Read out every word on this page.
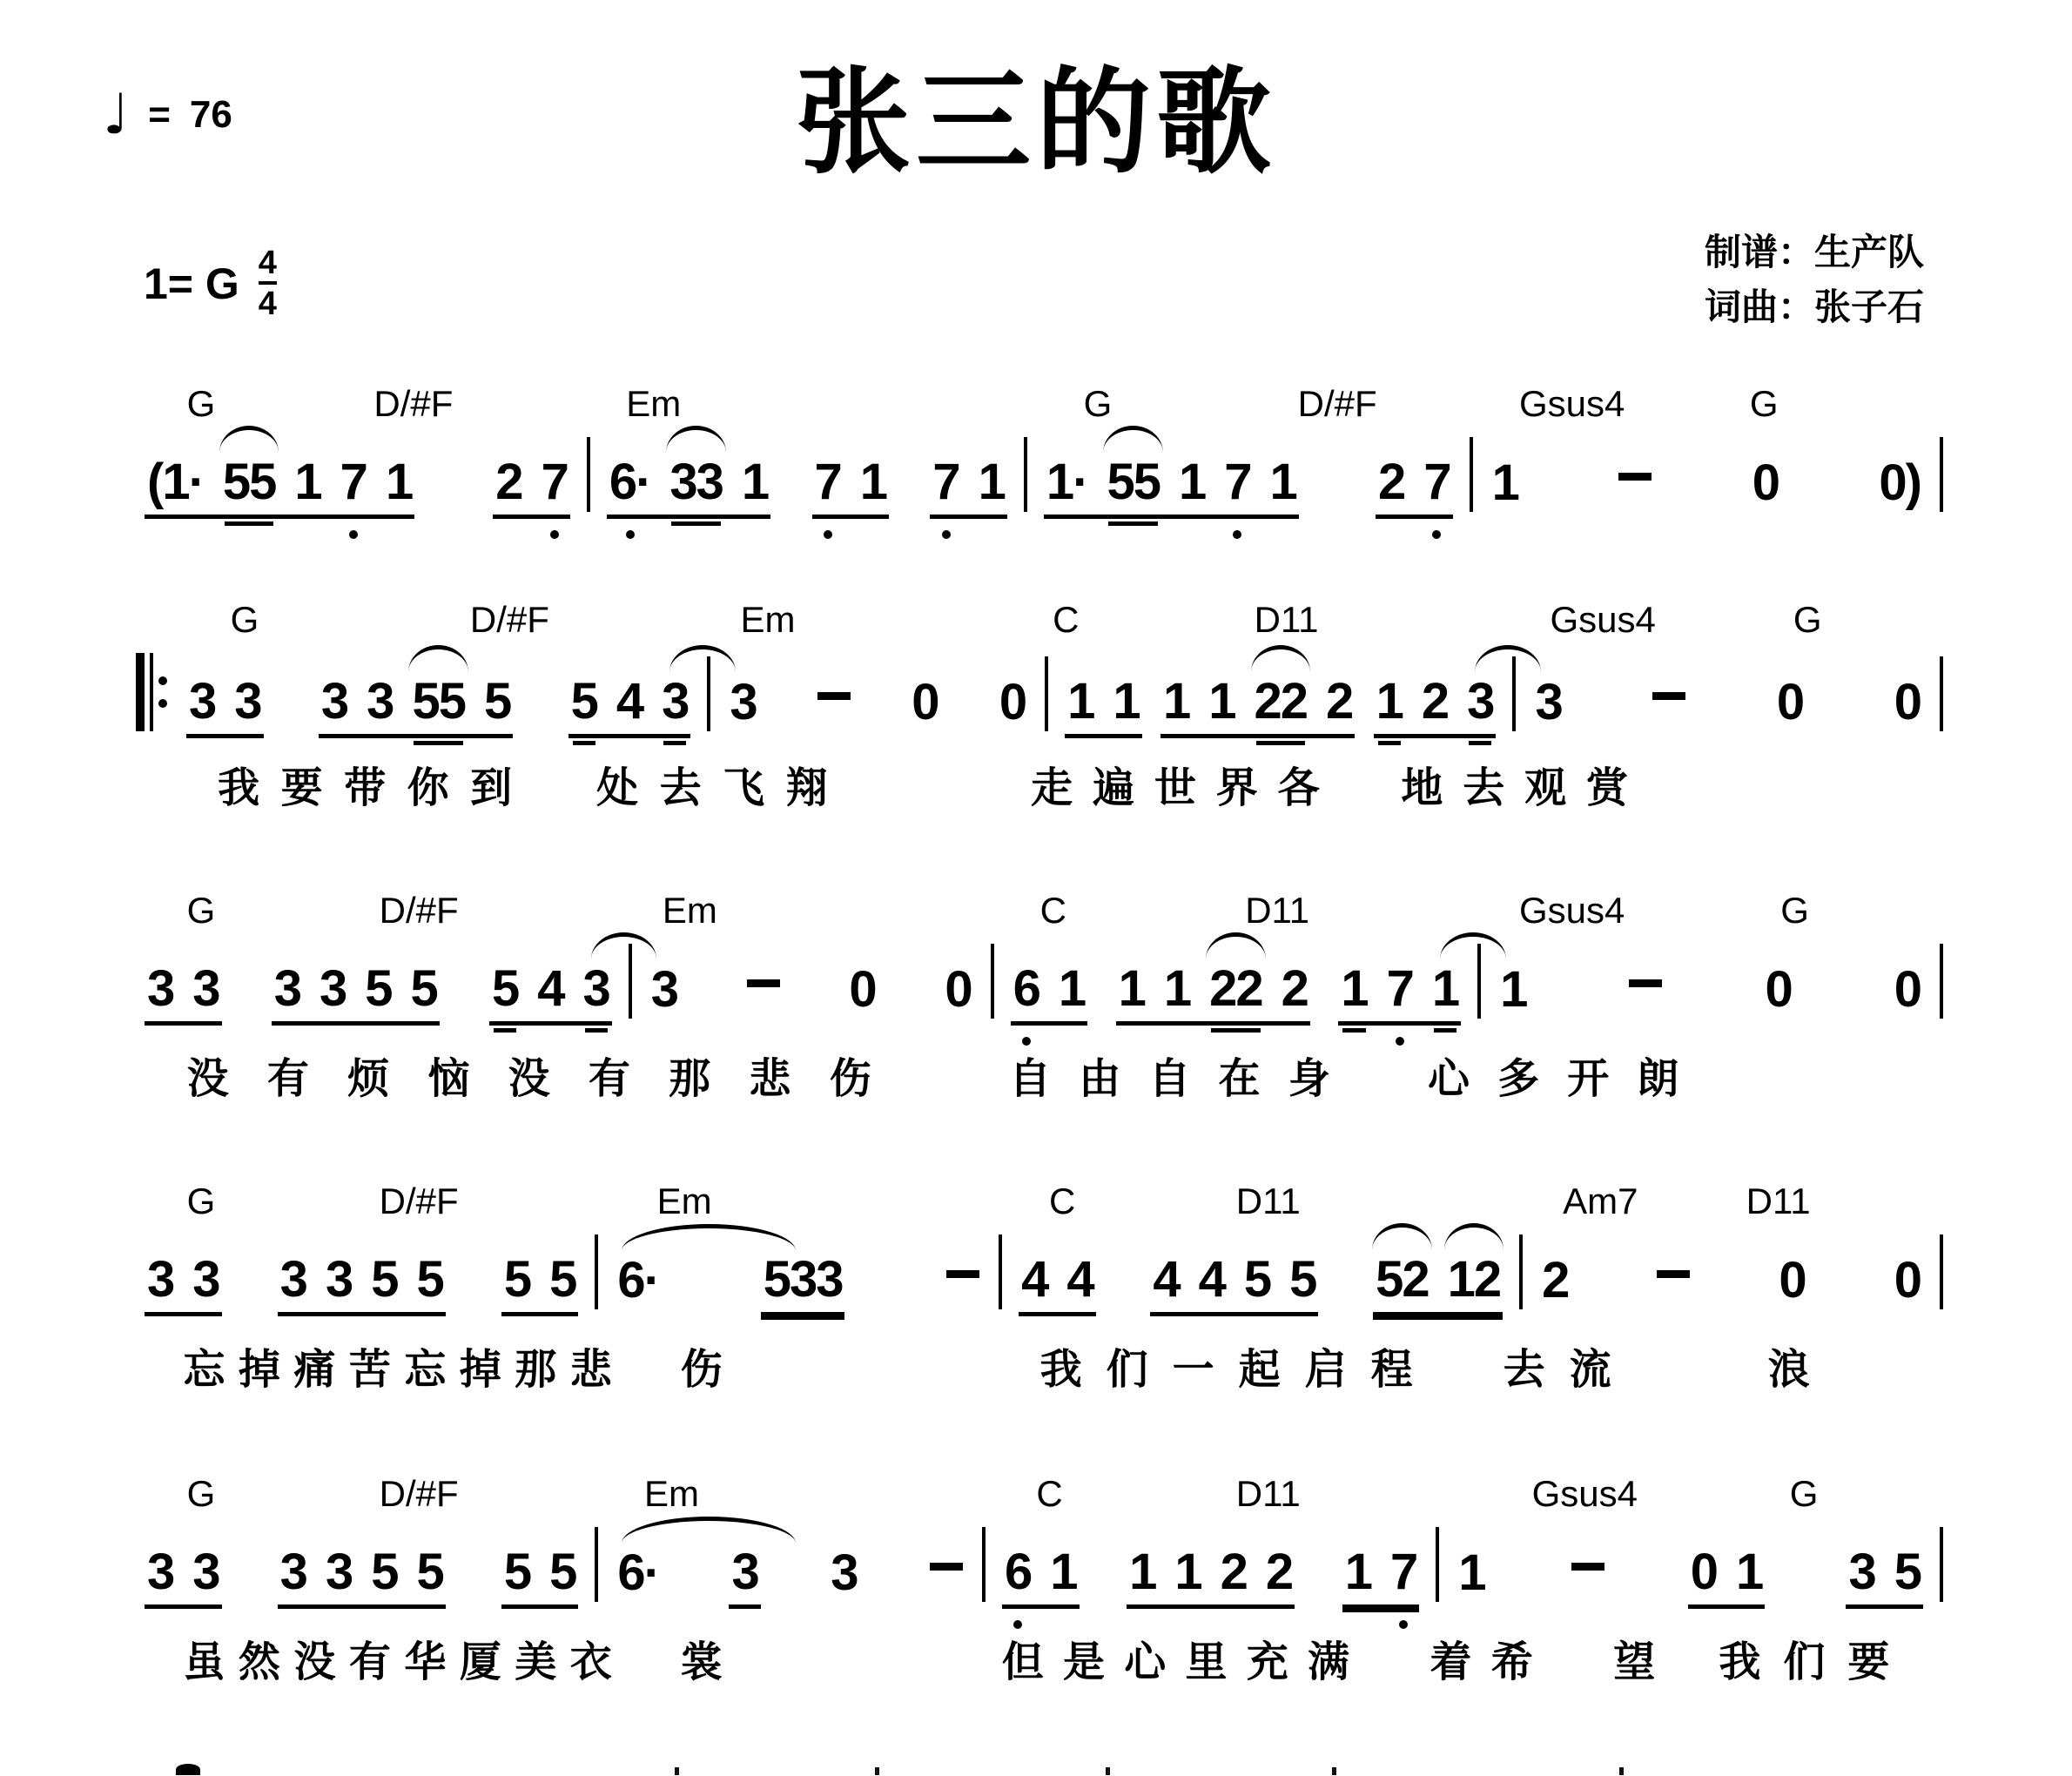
♩ = 76	张三的歌
制谱：生产队
词曲：张子石
1= G $\frac{4}{4}$
G	D/#F	Em	G	D/#F	Gsus4	G
(1· 55 1 7 1 2 7 6· 33 1 7 1 7 1 1· 55 1 7 1 2 7 1	0 0)
G	D/#F	Em	C	D11	Gsus4	G
3 3 3 3 55 5 5 4 3 3	0 0 1 1 1 1 22 2 1 2 3 3	0 0
我 要 带 你 到
　 处 去 飞 翔	走 遍 世 界 各
　 地 去 观 赏
G	D/#F	Em	C	D11	Gsus4	G
3 3 3 3 5 5 5 4 3 3	0 0 6 1 1 1 22 2 1 7 1 1	0 0
没 有 烦 恼 没 有 那 悲 伤	自 由 自 在 身
　 心 多 开 朗
G	D/#F	Em	C	D11	Am7	D11
3 3 3 3 5 5 5 5 6· 533	4 4 4 4 5 5 52 12 2	0 0
忘 掉 痛 苦 忘 掉 那 悲
　 伤	我 们 一 起 启 程
　 去 流

　	浪
G	D/#F	Em	C	D11	Gsus4	G
3 3 3 3 5 5 5 5 6· 3 3	6 1 1 1 2 2 1 7 1	0 1 3 5
虽 然 没 有 华 厦 美 衣
　 裳	但 是 心 里 充 满
　 着 希
　 望 我 们 要
